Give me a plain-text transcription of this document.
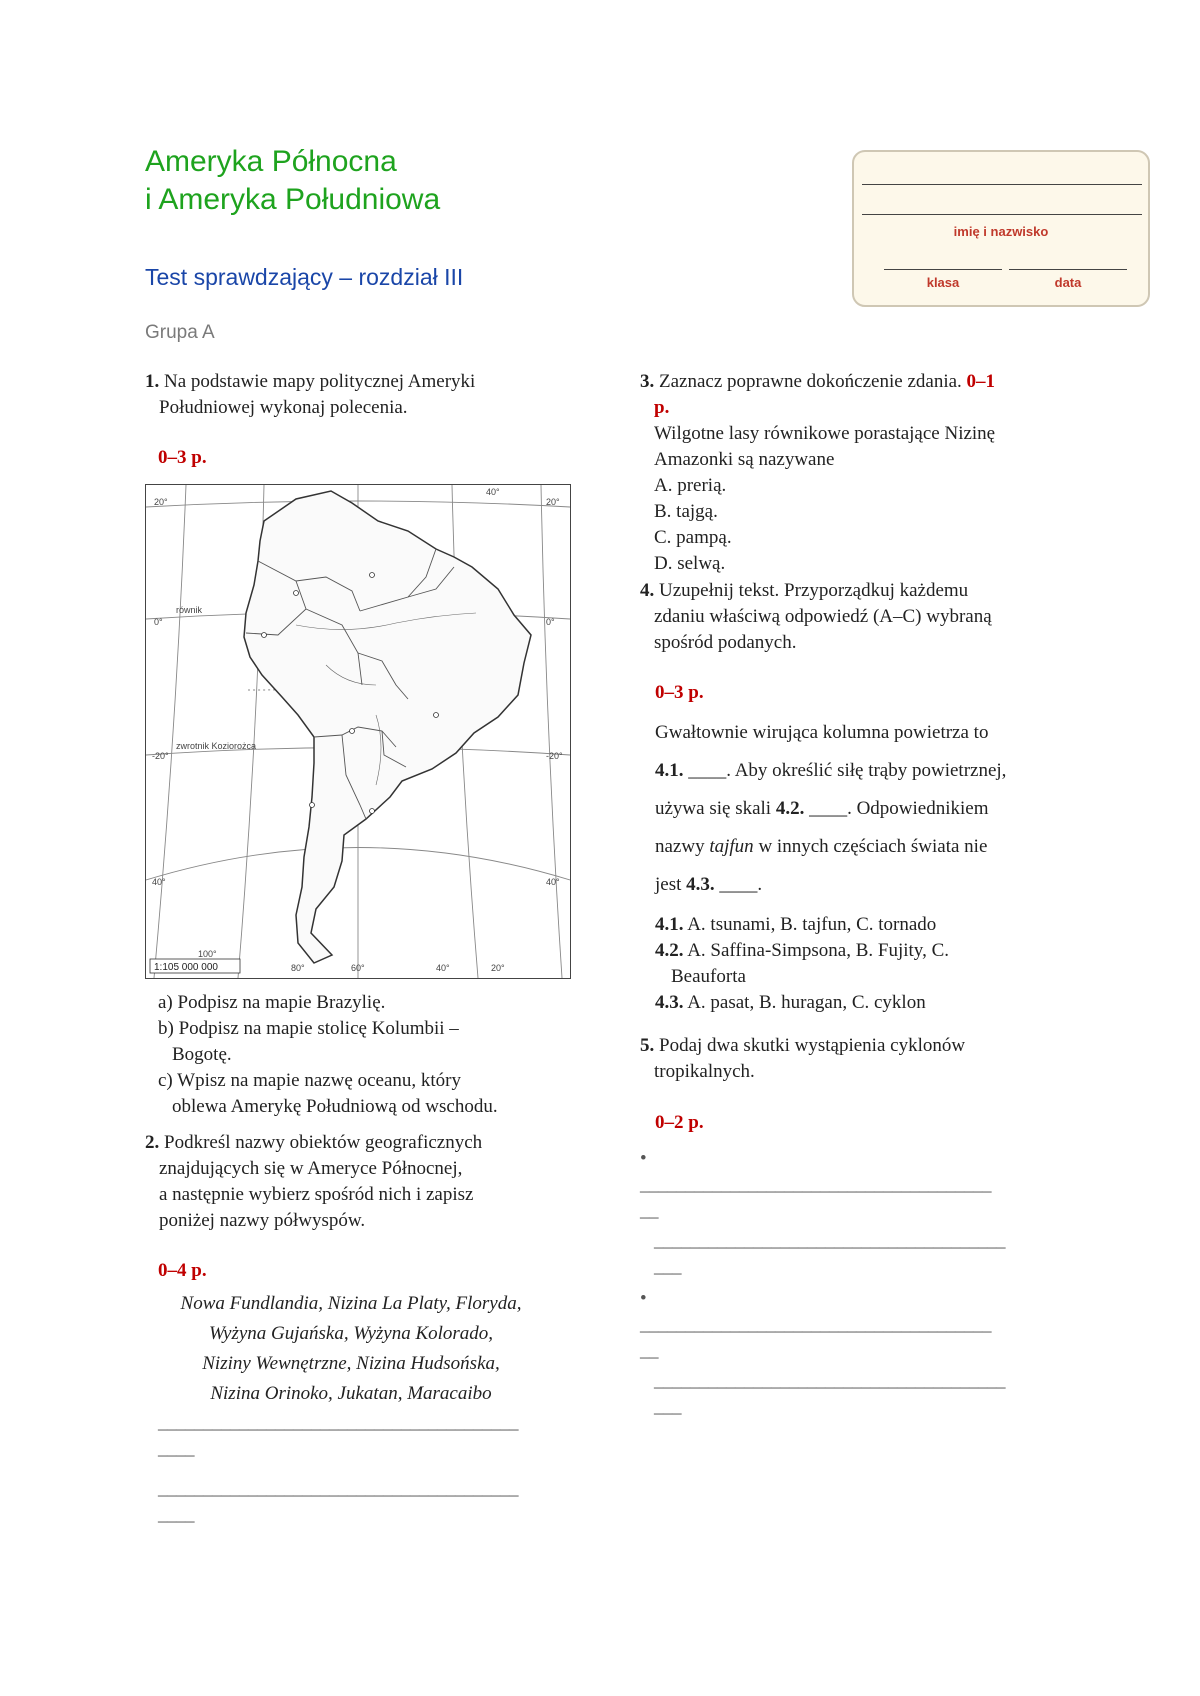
Ameryka Północna
i Ameryka Południowa
Test sprawdzający – rozdział III
Grupa A
imię i nazwisko
klasa	data
1. Na podstawie mapy politycznej Ameryki
Południowej wykonaj polecenia.
0–3 p.
20°
40°
20°
0°
równik
0°
-20°
zwrotnik Koziorożca
-20°
40°	40°
100°
80°	60°	40°	20°
1:105 000 000
a) Podpisz na mapie Brazylię.
b) Podpisz na mapie stolicę Kolumbii –
Bogotę.
c) Wpisz na mapie nazwę oceanu, który
oblewa Amerykę Południową od wschodu.
2. Podkreśl nazwy obiektów geograficznych
znajdujących się w Ameryce Północnej,
a następnie wybierz spośród nich i zapisz
poniżej nazwy półwyspów.
0–4 p.
Nowa Fundlandia, Nizina La Platy, Floryda,
Wyżyna Gujańska, Wyżyna Kolorado,
Niziny Wewnętrzne, Nizina Hudsońska,
Nizina Orinoko, Jukatan, Maracaibo
________________________________________
____
________________________________________
____
3. Zaznacz poprawne dokończenie zdania. 0–1
p.
Wilgotne lasy równikowe porastające Nizinę
Amazonki są nazywane
A. prerią.
B. tajgą.
C. pampą.
D. selwą.
4. Uzupełnij tekst. Przyporządkuj każdemu
zdaniu właściwą odpowiedź (A–C) wybraną
spośród podanych.
0–3 p.
Gwałtownie wirująca kolumna powietrza to
4.1. ____. Aby określić siłę trąby powietrznej,
używa się skali 4.2. ____. Odpowiednikiem
nazwy tajfun w innych częściach świata nie
jest 4.3. ____.
4.1. A. tsunami, B. tajfun, C. tornado
4.2. A. Saffina-Simpsona, B. Fujity, C.
Beauforta
4.3. A. pasat, B. huragan, C. cyklon
5. Podaj dwa skutki wystąpienia cyklonów
tropikalnych.
0–2 p.
•
_______________________________________
__
_______________________________________
___
•
_______________________________________
__
_______________________________________
___
